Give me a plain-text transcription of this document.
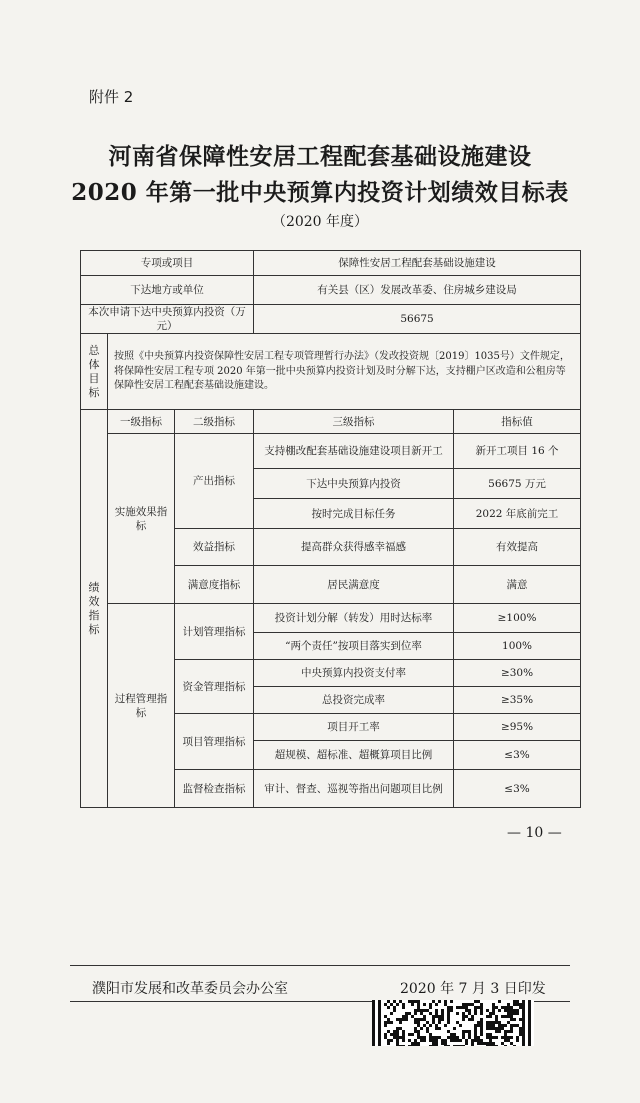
附件 2
河南省保障性安居工程配套基础设施建设
2020 年第一批中央预算内投资计划绩效目标表
（2020 年度）
专项或项目			保障性安居工程配套基础设施建设	
下达地方或单位			有关县（区）发展改革委、住房城乡建设局	
本次申请下达中央预算内投资（万元）			56675	

总
体
目
标	按照《中央预算内投资保障性安居工程专项管理暂行办法》（发改投资规〔2019〕1035号）文件规定，将保障性安居工程专项 2020 年第一批中央预算内投资计划及时分解下达，支持棚户区改造和公租房等保障性安居工程配套基础设施建设。			

绩
效
指
标	一级指标	二级指标	三级指标	指标值
	实施效果指标	产出指标	支持棚改配套基础设施建设项目新开工	新开工项目 16 个
			下达中央预算内投资	56675 万元
			按时完成目标任务	2022 年底前完工
		效益指标	提高群众获得感幸福感	有效提高
		满意度指标	居民满意度	满意
	过程管理指标	计划管理指标	投资计划分解（转发）用时达标率	≥100%
			“两个责任”按项目落实到位率	100%
		资金管理指标	中央预算内投资支付率	≥30%
			总投资完成率	≥35%
		项目管理指标	项目开工率	≥95%
			超规模、超标准、超概算项目比例	≤3%
		监督检查指标	审计、督查、巡视等指出问题项目比例	≤3%
— 10 —
濮阳市发展和改革委员会办公室	2020 年 7 月 3 日印发
